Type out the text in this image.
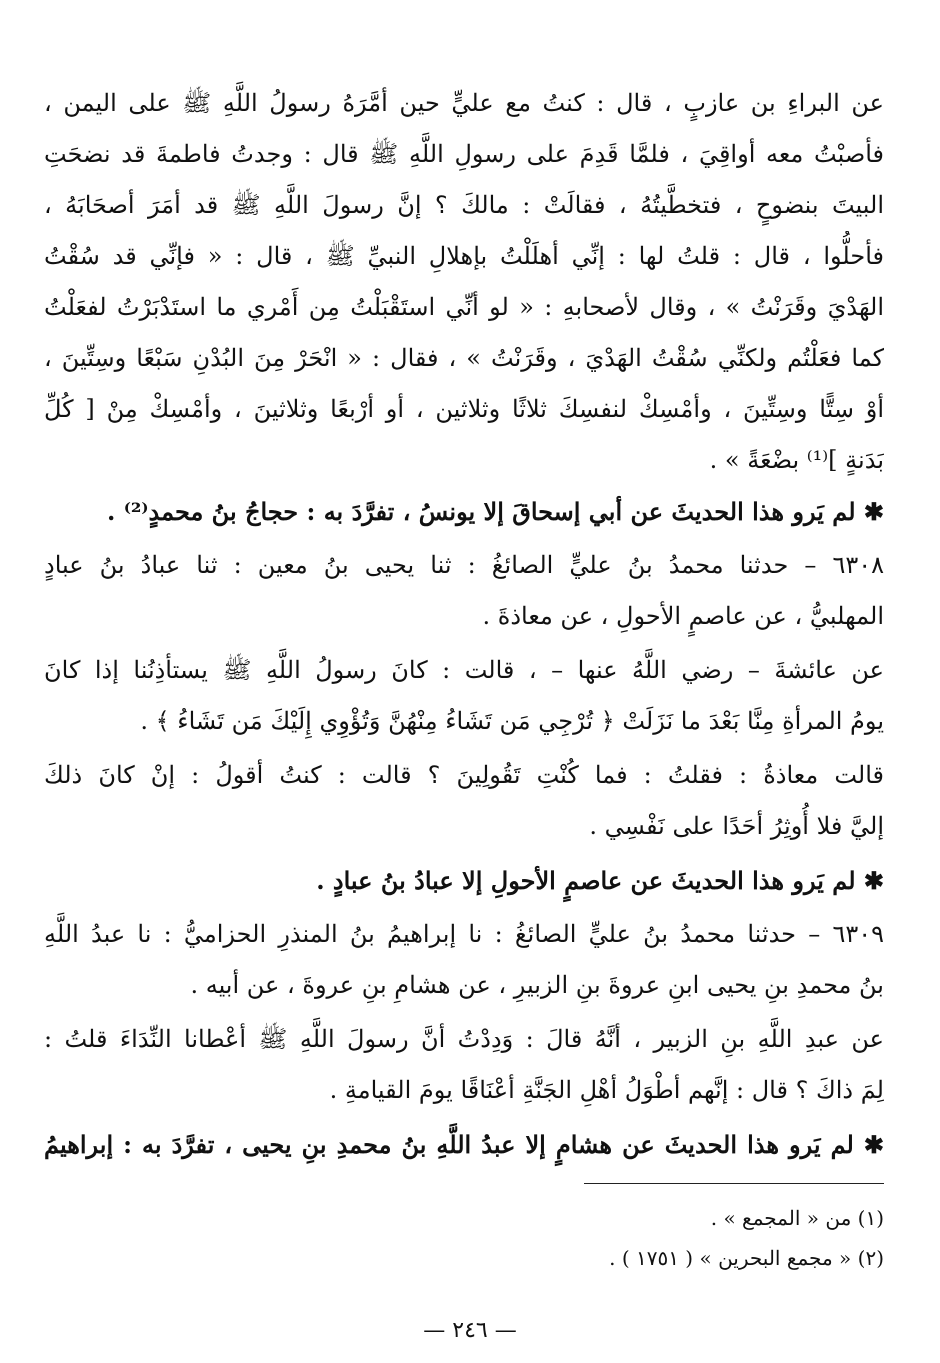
عن البراءِ بن عازبٍ ، قال : كنتُ مع عليٍّ حين أمَّرَهُ رسولُ اللَّهِ ﷺ على اليمن ،
فأصبْتُ معه أواقِيَ ، فلمَّا قَدِمَ على رسولِ اللَّهِ ﷺ قال : وجدتُ فاطمةَ قد نضحَتِ
البيتَ بنضوحٍ ، فتخطَّيتُهُ ، فقالَتْ : مالكَ ؟ إنَّ رسولَ اللَّهِ ﷺ قد أمَرَ أصحَابَهُ ،
فأحلُّوا ، قال : قلتُ لها : إنِّي أهلَلْتُ بإهلالِ النبيِّ ﷺ ، قال : « فإنِّي قد سُقْتُ
الهَدْيَ وقَرَنْتُ » ، وقال لأصحابهِ : « لو أنِّي استَقْبَلْتُ مِن أَمْري ما استَدْبَرْتُ لفعَلْتُ
كما فعَلْتُم ولكنِّي سُقْتُ الهَدْيَ ، وقَرَنْتُ » ، فقال : « انْحَرْ مِنَ البُدْنِ سَبْعًا وسِتِّينَ ،
أوْ سِتًّا وسِتِّينَ ، وأمْسِكْ لنفسِكَ ثلاثًا وثلاثين ، أو أرْبعًا وثلاثينَ ، وأمْسِكْ مِنْ [ كُلِّ
بَدَنةٍ ]⁽¹⁾ بضْعَةً » .
✱ لم يَرو هذا الحديثَ عن أبي إسحاقَ إلا يونسُ ، تفرَّدَ به : حجاجُ بنُ محمدٍ⁽²⁾ .
٦٣٠٨ – حدثنا محمدُ بنُ عليٍّ الصائغُ : ثنا يحيى بنُ معين : ثنا عبادُ بنُ عبادٍ
المهلبيُّ ، عن عاصمٍ الأحولِ ، عن معاذةَ .
عن عائشةَ – رضي اللَّهُ عنها – ، قالت : كانَ رسولُ اللَّهِ ﷺ يستأذِنُنا إذا كانَ
يومُ المرأةِ مِنَّا بَعْدَ ما نَزَلَتْ ﴿ تُرْجِي مَن تَشَاءُ مِنْهُنَّ وَتُؤْوِي إِلَيْكَ مَن تَشَاءُ ﴾ .
قالت معاذةُ : فقلتُ : فما كُنْتِ تَقُولِينَ ؟ قالت : كنتُ أقولُ : إنْ كانَ ذلكَ
إليَّ فلا أُوثِرُ أحَدًا على نَفْسِي .
✱ لم يَرو هذا الحديثَ عن عاصمٍ الأحولِ إلا عبادُ بنُ عبادٍ .
٦٣٠٩ – حدثنا محمدُ بنُ عليٍّ الصائغُ : نا إبراهيمُ بنُ المنذرِ الحزاميُّ : نا عبدُ اللَّهِ
بنُ محمدِ بنِ يحيى ابنِ عروةَ بنِ الزبيرِ ، عن هشامِ بنِ عروةَ ، عن أبيه .
عن عبدِ اللَّهِ بنِ الزبير ، أنَّهُ قالَ : وَدِدْتُ أنَّ رسولَ اللَّهِ ﷺ أعْطانا النِّدَاءَ قلتُ :
لِمَ ذاكَ ؟ قال : إنَّهم أطْوَلُ أهْلِ الجَنَّةِ أعْنَاقًا يومَ القيامةِ .
✱ لم يَرو هذا الحديثَ عن هشامٍ إلا عبدُ اللَّهِ بنُ محمدِ بنِ يحيى ، تفرَّدَ به : إبراهيمُ
(١) من « المجمع » .
(٢) « مجمع البحرين » ( ١٧٥١ ) .
— ٢٤٦ —
